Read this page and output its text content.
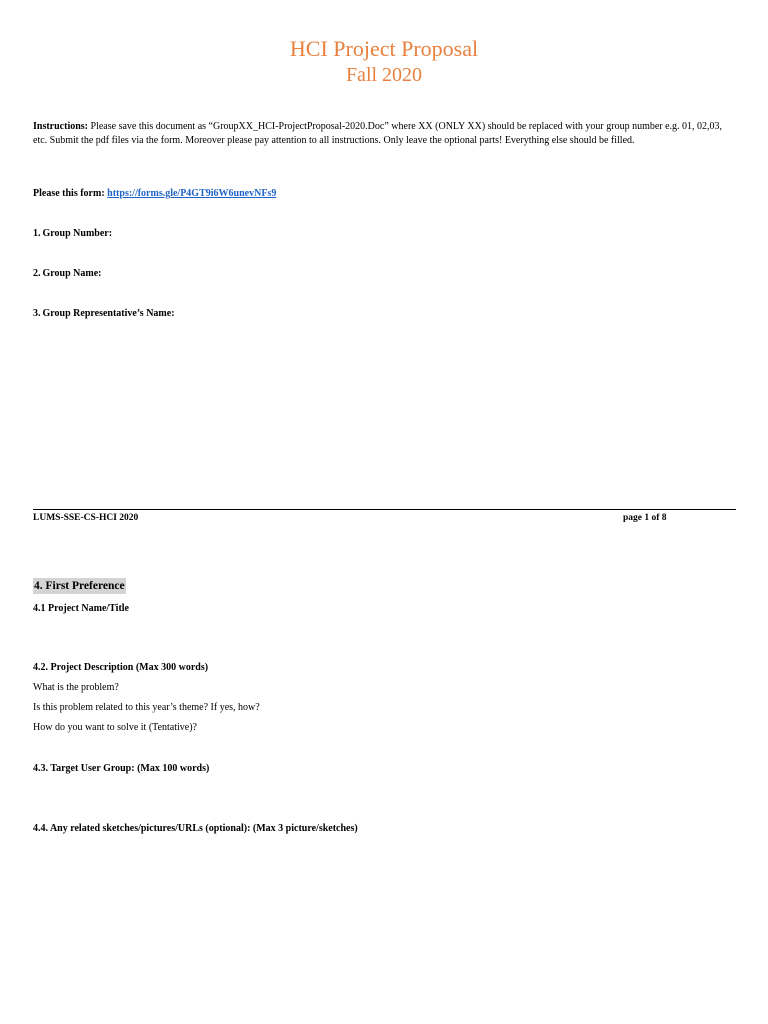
HCI Project Proposal
Fall 2020
Instructions: Please save this document as “GroupXX_HCI-ProjectProposal-2020.Doc” where XX (ONLY XX) should be replaced with your group number e.g. 01, 02,03, etc. Submit the pdf files via the form. Moreover please pay attention to all instructions. Only leave the optional parts! Everything else should be filled.
Please this form: https://forms.gle/P4GT9i6W6unevNFs9
1. Group Number:
2. Group Name:
3. Group Representative’s Name:
LUMS-SSE-CS-HCI 2020	page 1 of 8
4. First Preference
4.1 Project Name/Title
4.2. Project Description (Max 300 words)
What is the problem?
Is this problem related to this year’s theme? If yes, how?
How do you want to solve it (Tentative)?
4.3. Target User Group: (Max 100 words)
4.4. Any related sketches/pictures/URLs (optional): (Max 3 picture/sketches)
